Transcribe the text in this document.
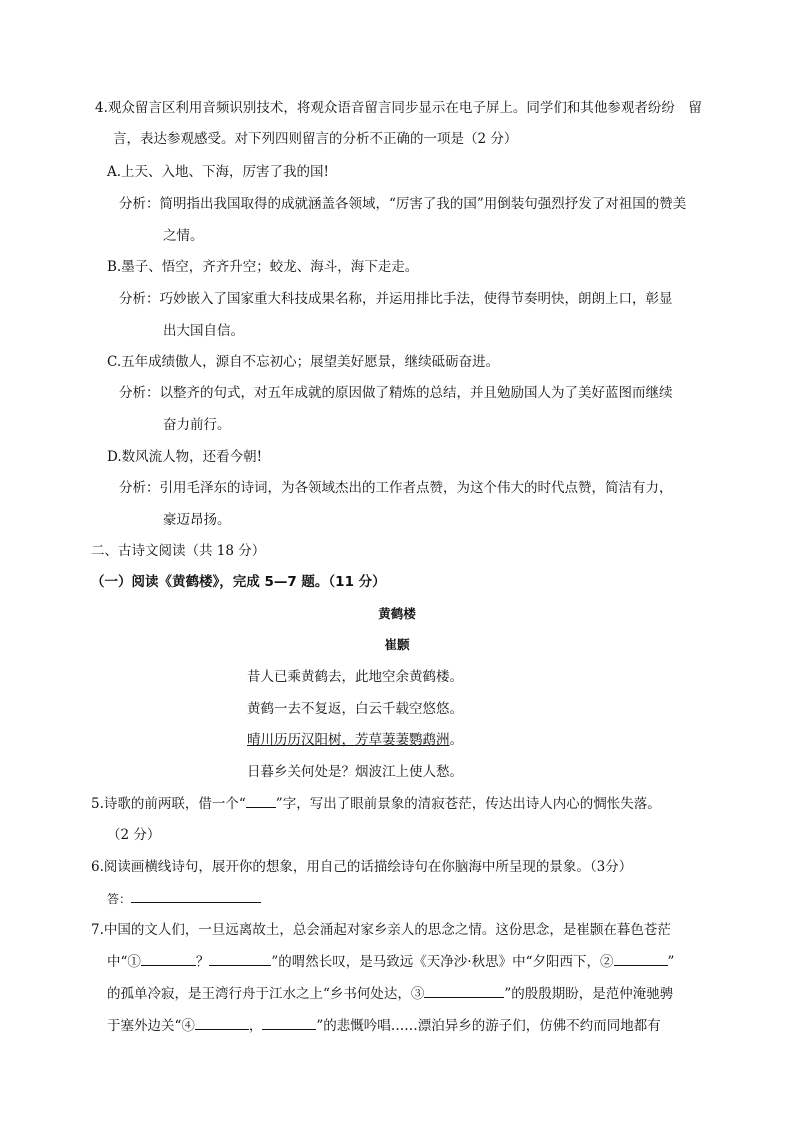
4.观众留言区利用音频识别技术，将观众语音留言同步显示在电子屏上。同学们和其他参观者纷纷　留
言，表达参观感受。对下列四则留言的分析不正确的一项是（2 分）
A.上天、入地、下海，厉害了我的国!
分析：简明指出我国取得的成就涵盖各领域，“厉害了我的国”用倒装句强烈抒发了对祖国的赞美
之情。
B.墨子、悟空，齐齐升空；蛟龙、海斗，海下走走。
分析：巧妙嵌入了国家重大科技成果名称，并运用排比手法，使得节奏明快，朗朗上口，彰显
出大国自信。
C.五年成绩傲人，源自不忘初心；展望美好愿景，继续砥砺奋进。
分析：以整齐的句式，对五年成就的原因做了精炼的总结，并且勉励国人为了美好蓝图而继续
奋力前行。
D.数风流人物，还看今朝!
分析：引用毛泽东的诗词，为各领域杰出的工作者点赞，为这个伟大的时代点赞，简洁有力，
豪迈昂扬。
二、古诗文阅读（共 18 分）
（一）阅读《黄鹤楼》，完成 5—7 题。（11 分）
黄鹤楼
崔颢
昔人已乘黄鹤去，此地空余黄鹤楼。
黄鹤一去不复返，白云千载空悠悠。
晴川历历汉阳树，芳草萋萋鹦鹉洲。
日暮乡关何处是？烟波江上使人愁。
5.诗歌的前两联，借一个“ ”字，写出了眼前景象的清寂苍茫，传达出诗人内心的惆怅失落。
（2 分）
6.阅读画横线诗句，展开你的想象，用自己的话描绘诗句在你脑海中所呈现的景象。（3分）
答：
7.中国的文人们，一旦远离故土，总会涌起对家乡亲人的思念之情。这份思念，是崔颢在暮色苍茫
中“①	？	”的喟然长叹，是马致远《天净沙·秋思》中“夕阳西下，②	”
的孤单冷寂，是王湾行舟于江水之上“乡书何处达，③	”的殷殷期盼，是范仲淹驰骋
于塞外边关“④	，	”的悲慨吟唱……漂泊异乡的游子们，仿佛不约而同地都有
